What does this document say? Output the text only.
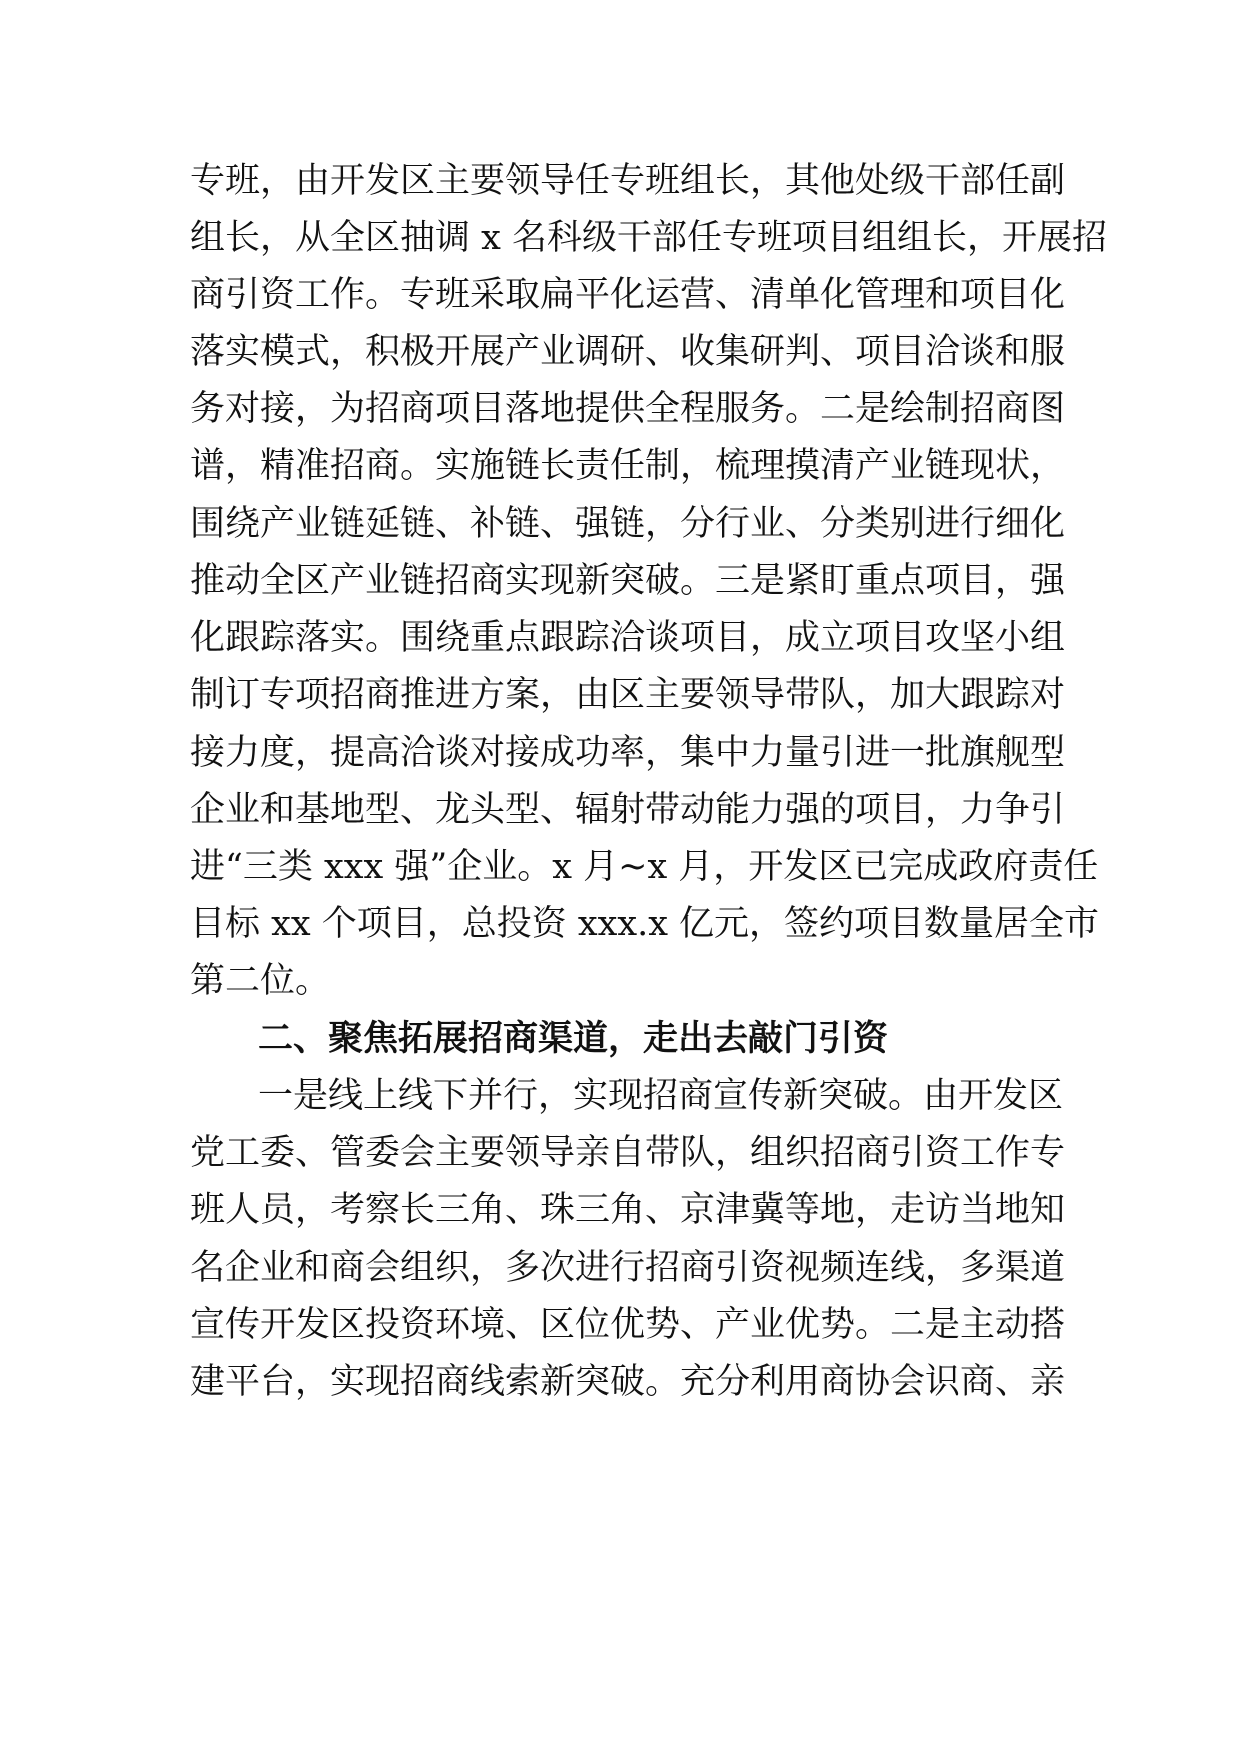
专班，由开发区主要领导任专班组长，其他处级干部任副
组长，从全区抽调 x 名科级干部任专班项目组组长，开展招
商引资工作。专班采取扁平化运营、清单化管理和项目化
落实模式，积极开展产业调研、收集研判、项目洽谈和服
务对接，为招商项目落地提供全程服务。二是绘制招商图
谱，精准招商。实施链长责任制，梳理摸清产业链现状，
围绕产业链延链、补链、强链，分行业、分类别进行细化
推动全区产业链招商实现新突破。三是紧盯重点项目，强
化跟踪落实。围绕重点跟踪洽谈项目，成立项目攻坚小组
制订专项招商推进方案，由区主要领导带队，加大跟踪对
接力度，提高洽谈对接成功率，集中力量引进一批旗舰型
企业和基地型、龙头型、辐射带动能力强的项目，力争引
进“三类 xxx 强”企业。x 月~x 月，开发区已完成政府责任
目标 xx 个项目，总投资 xxx.x 亿元，签约项目数量居全市
第二位。
二、聚焦拓展招商渠道，走出去敲门引资
一是线上线下并行，实现招商宣传新突破。由开发区
党工委、管委会主要领导亲自带队，组织招商引资工作专
班人员，考察长三角、珠三角、京津冀等地，走访当地知
名企业和商会组织，多次进行招商引资视频连线，多渠道
宣传开发区投资环境、区位优势、产业优势。二是主动搭
建平台，实现招商线索新突破。充分利用商协会识商、亲
